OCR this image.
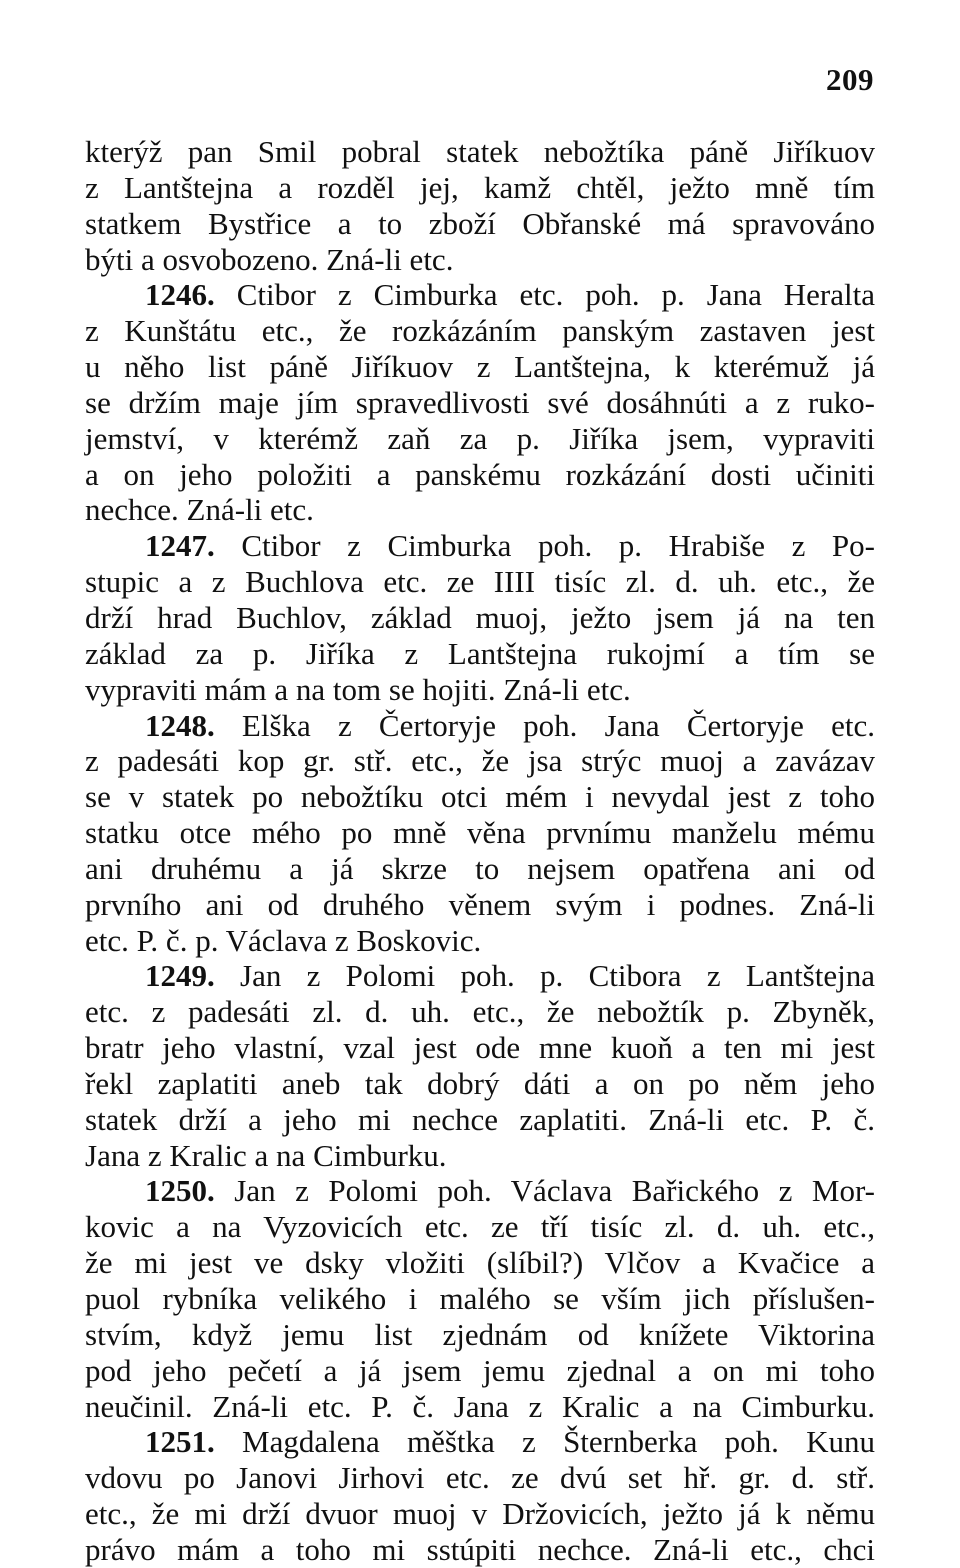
209
kterýž pan Smil pobral statek nebožtíka páně Jiříkuov
z Lantštejna a rozděl jej, kamž chtěl, ježto mně tím
statkem Bystřice a to zboží Obřanské má spravováno
býti a osvobozeno. Zná-li etc.
1246. Ctibor z Cimburka etc. poh. p. Jana Heralta
z Kunštátu etc., že rozkázáním panským zastaven jest
u něho list páně Jiříkuov z Lantštejna, k kterémuž já
se držím maje jím spravedlivosti své dosáhnúti a z ruko-
jemství, v kterémž zaň za p. Jiříka jsem, vypraviti
a on jeho položiti a panskému rozkázání dosti učiniti
nechce. Zná-li etc.
1247. Ctibor z Cimburka poh. p. Hrabiše z Po-
stupic a z Buchlova etc. ze IIII tisíc zl. d. uh. etc., že
drží hrad Buchlov, základ muoj, ježto jsem já na ten
základ za p. Jiříka z Lantštejna rukojmí a tím se
vypraviti mám a na tom se hojiti. Zná-li etc.
1248. Elška z Čertoryje poh. Jana Čertoryje etc.
z padesáti kop gr. stř. etc., že jsa strýc muoj a zavázav
se v statek po nebožtíku otci mém i nevydal jest z toho
statku otce mého po mně věna prvnímu manželu mému
ani druhému a já skrze to nejsem opatřena ani od
prvního ani od druhého věnem svým i podnes. Zná-li
etc. P. č. p. Václava z Boskovic.
1249. Jan z Polomi poh. p. Ctibora z Lantštejna
etc. z padesáti zl. d. uh. etc., že nebožtík p. Zbyněk,
bratr jeho vlastní, vzal jest ode mne kuoň a ten mi jest
řekl zaplatiti aneb tak dobrý dáti a on po něm jeho
statek drží a jeho mi nechce zaplatiti. Zná-li etc. P. č.
Jana z Kralic a na Cimburku.
1250. Jan z Polomi poh. Václava Bařického z Mor-
kovic a na Vyzovicích etc. ze tří tisíc zl. d. uh. etc.,
že mi jest ve dsky vložiti (slíbil?) Vlčov a Kvačice a
puol rybníka velikého i malého se vším jich příslušen-
stvím, když jemu list zjednám od knížete Viktorina
pod jeho pečetí a já jsem jemu zjednal a on mi toho
neučinil. Zná-li etc. P. č. Jana z Kralic a na Cimburku.
1251. Magdalena měštka z Šternberka poh. Kunu
vdovu po Janovi Jirhovi etc. ze dvú set hř. gr. d. stř.
etc., že mi drží dvuor muoj v Držovicích, ježto já k němu
právo mám a toho mi sstúpiti nechce. Zná-li etc., chci
